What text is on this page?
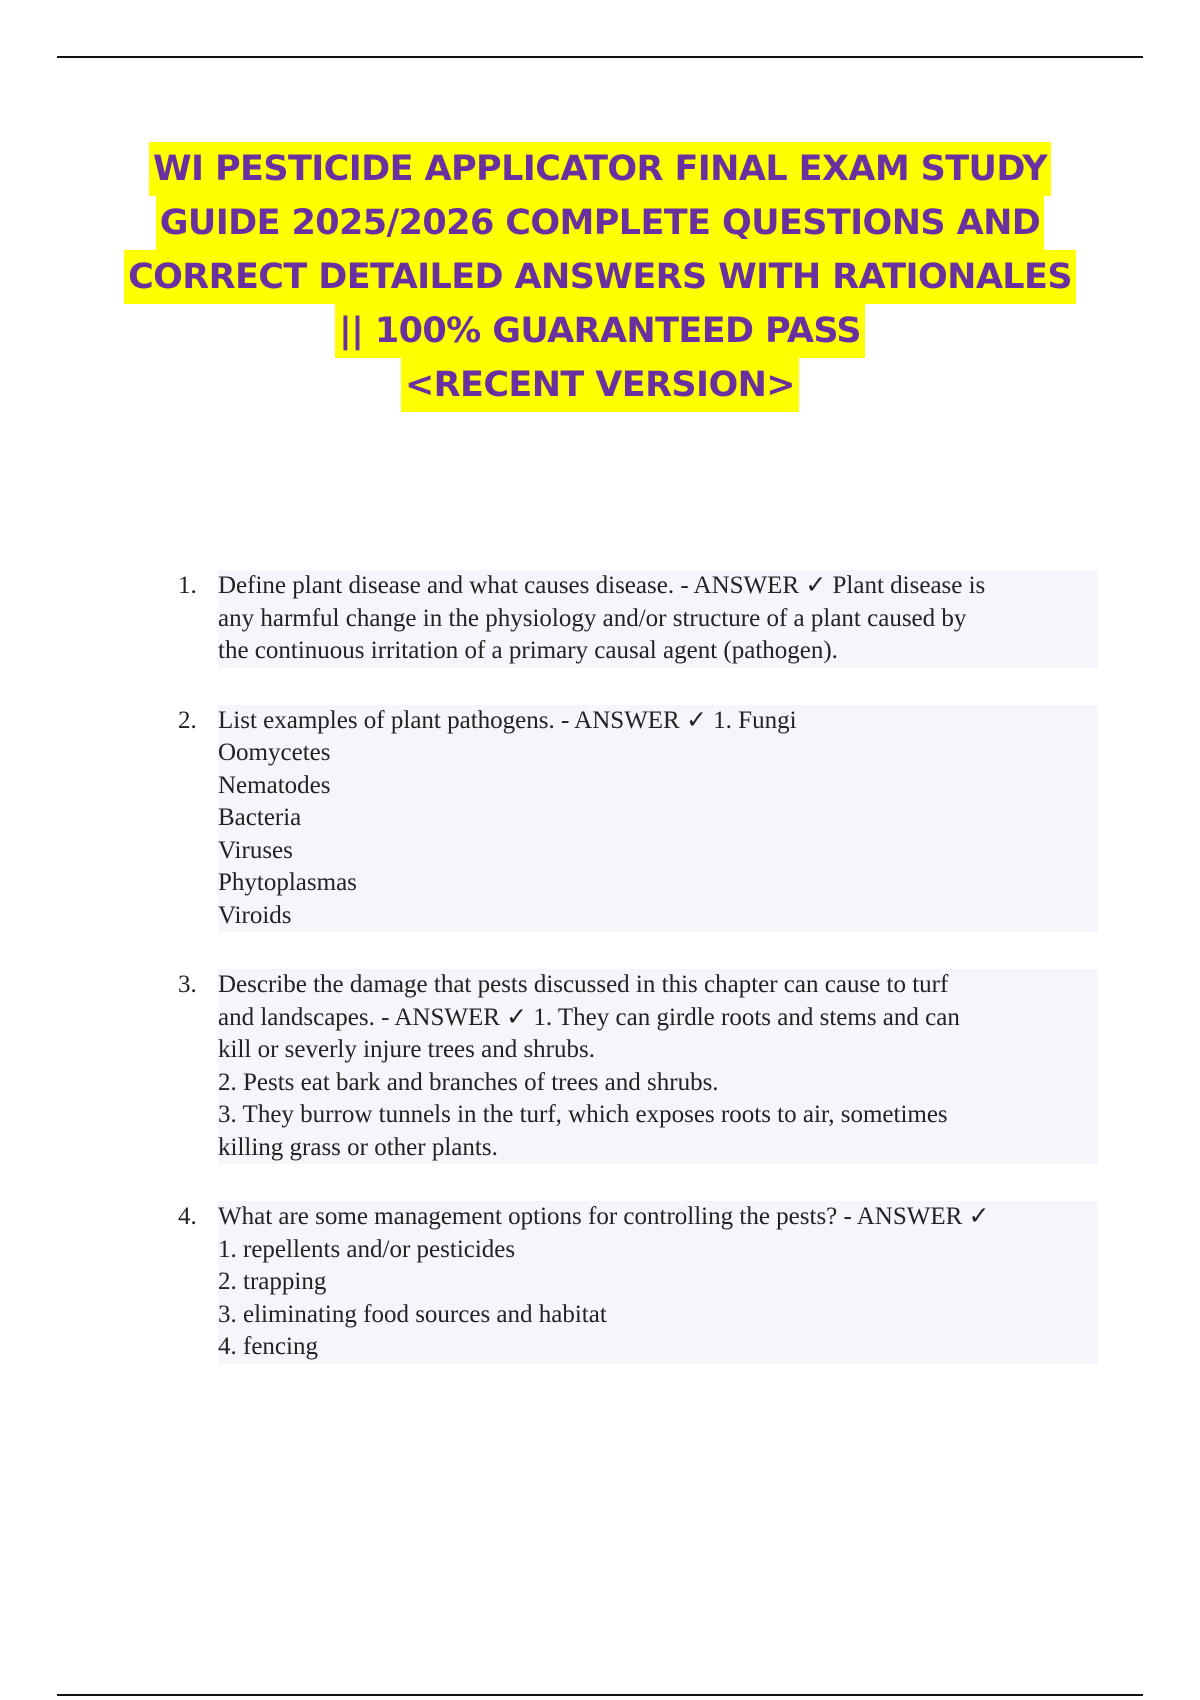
WI PESTICIDE APPLICATOR FINAL EXAM STUDY
GUIDE 2025/2026 COMPLETE QUESTIONS AND
CORRECT DETAILED ANSWERS WITH RATIONALES
|| 100% GUARANTEED PASS
<RECENT VERSION>
1. Define plant disease and what causes disease. - ANSWER ✓ Plant disease is
any harmful change in the physiology and/or structure of a plant caused by
the continuous irritation of a primary causal agent (pathogen).
2. List examples of plant pathogens. - ANSWER ✓ 1. Fungi
Oomycetes
Nematodes
Bacteria
Viruses
Phytoplasmas
Viroids
3. Describe the damage that pests discussed in this chapter can cause to turf
and landscapes. - ANSWER ✓ 1. They can girdle roots and stems and can
kill or severly injure trees and shrubs.
2. Pests eat bark and branches of trees and shrubs.
3. They burrow tunnels in the turf, which exposes roots to air, sometimes
killing grass or other plants.
4. What are some management options for controlling the pests? - ANSWER ✓
1. repellents and/or pesticides
2. trapping
3. eliminating food sources and habitat
4. fencing
